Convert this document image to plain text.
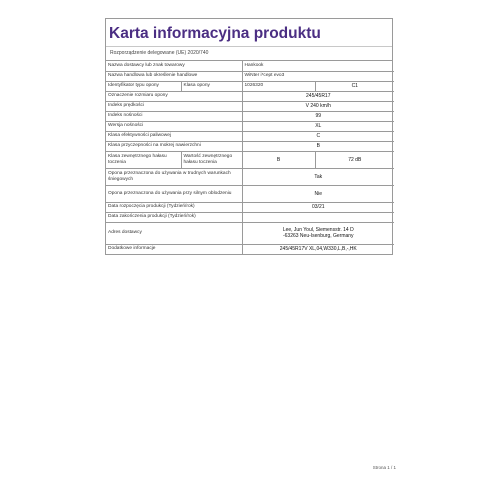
Karta informacyjna produktu
Rozporządzenie delegowane (UE) 2020/740
Nazwa dostawcy lub znak towarowy		Hankook	
Nazwa handlowa lub określenie handlowe		WiNter i*cept evo3	
Identyfikator typu opony	Klasa opony	1026320	C1
Oznaczenie rozmiaru opony		245/45R17	
Indeks prędkości		V 240 km/h	
Indeks nośności		99	
Wersja nośności		XL	
Klasa efektywności paliwowej		C	
Klasa przyczepności na mokrej nawierzchni		B	
Klasa zewnętrznego hałasu toczenia	Wartość zewnętrznego hałasu toczenia	B	72 dB
Opona przeznaczona do używania w trudnych warunkach śniegowych		Tak	
Opona przeznaczona do używania przy silnym oblodzeniu		Nie	
Data rozpoczęcia produkcji (Tydzień/rok)		03/21	
Data zakończenia produkcji (Tydzień/rok)			
Adres dostawcy		Lee, Jun Youl, Siemensstr. 14 D
-63263 Neu-Isenburg, Germany	

Dodatkowe informacje		245/45R17V XL,04,W330,L,B,-,HK	
Strona 1 / 1
